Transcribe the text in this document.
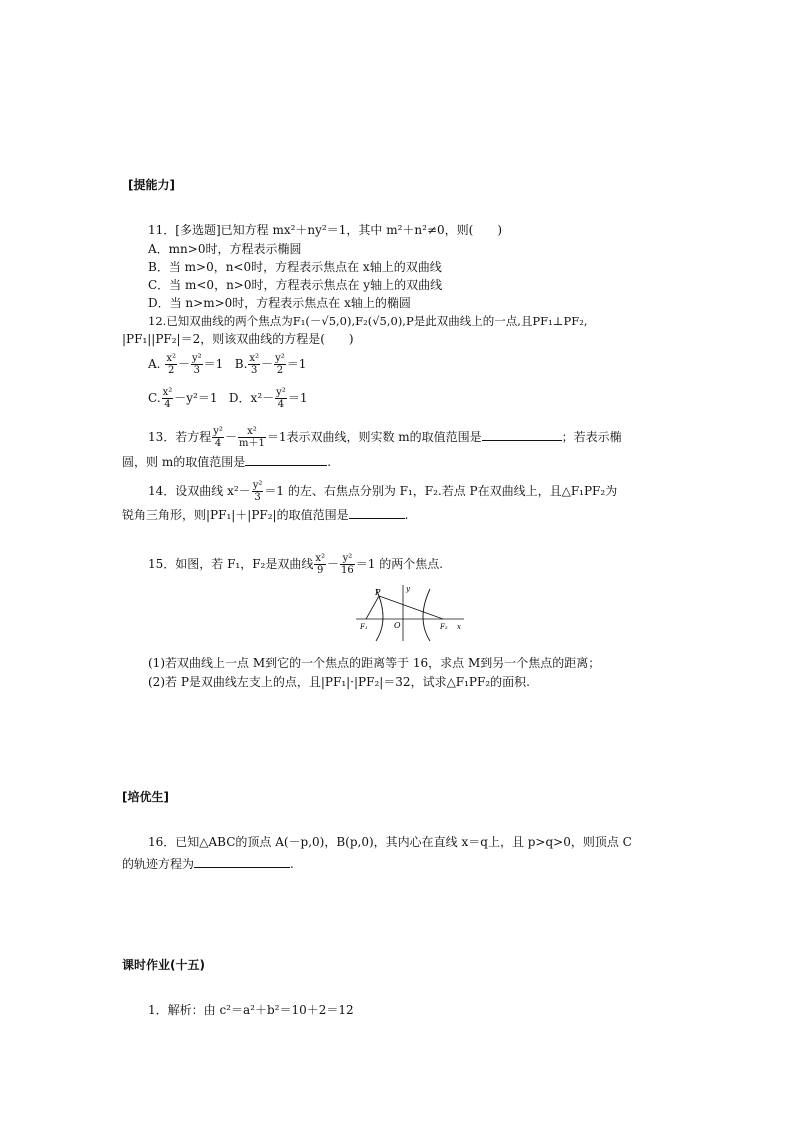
[提能力]
11．[多选题]已知方程 mx²＋ny²＝1，其中 m²＋n²≠0，则(　　)
A．mn>0时，方程表示椭圆
B．当 m>0，n<0时，方程表示焦点在 x轴上的双曲线
C．当 m<0，n>0时，方程表示焦点在 y轴上的双曲线
D．当 n>m>0时，方程表示焦点在 x轴上的椭圆
12.已知双曲线的两个焦点为F₁(－√5,0),F₂(√5,0),P是此双曲线上的一点,且PF₁⊥PF₂,
|PF₁||PF₂|＝2，则该双曲线的方程是(　　)
A. $\frac{\text{x²}}{2} - \frac{\text{y²}}{3} =1$ B. $\frac{\text{x²}}{3} - \frac{\text{y²}}{2} =1$
C. $\frac{\text{x²}}{4} -y^2=1$ D．$x^2- \frac{\text{y²}}{4} =1$
13．若方程 $\frac{\text{y²}}{4} - \frac{\text{x²}}{m+1} =1$表示双曲线，则实数 m的取值范围是	；若表示椭
圆，则 m的取值范围是	.
14．设双曲线 $x^2- \frac{\text{y²}}{3} =1$ 的左、右焦点分别为 F₁，F₂.若点 P在双曲线上，且△F₁PF₂为
锐角三角形，则|PF₁|＋|PF₂|的取值范围是	.
15．如图，若 F₁，F₂是双曲线 $\frac{\text{x²}}{9} - \frac{\text{y²}}{16} =1$ 的两个焦点.
P
F₁	O	F₂ x
y
(1)若双曲线上一点 M到它的一个焦点的距离等于 16，求点 M到另一个焦点的距离；
(2)若 P是双曲线左支上的点，且|PF₁|·|PF₂|＝32，试求△F₁PF₂的面积.
[培优生]
16．已知△ABC的顶点 A(－p,0)，B(p,0)，其内心在直线 x＝q上，且 p>q>0，则顶点 C
的轨迹方程为	.
课时作业(十五)
1．解析：由 c²＝a²＋b²＝10＋2＝12
